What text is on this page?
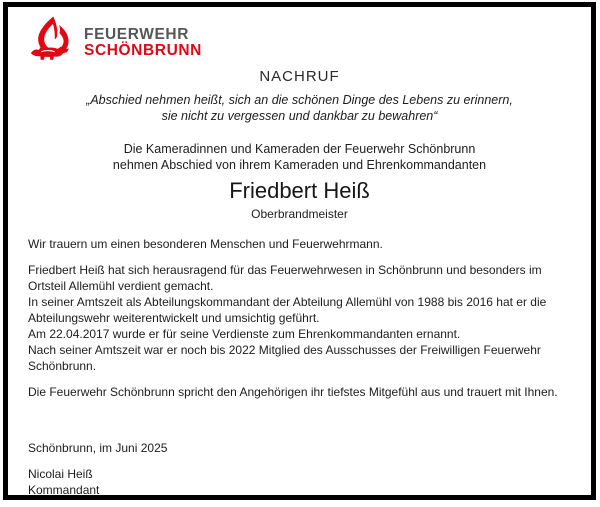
FEUERWEHR
SCHÖNBRUNN
NACHRUF
„Abschied nehmen heißt, sich an die schönen Dinge des Lebens zu erinnern,
sie nicht zu vergessen und dankbar zu bewahren“
Die Kameradinnen und Kameraden der Feuerwehr Schönbrunn
nehmen Abschied von ihrem Kameraden und Ehrenkommandanten
Friedbert Heiß
Oberbrandmeister
Wir trauern um einen besonderen Menschen und Feuerwehrmann.
Friedbert Heiß hat sich herausragend für das Feuerwehrwesen in Schönbrunn und besonders im Ortsteil Allemühl verdient gemacht.
In seiner Amtszeit als Abteilungskommandant der Abteilung Allemühl von 1988 bis 2016 hat er die Abteilungswehr weiterentwickelt und umsichtig geführt.
Am 22.04.2017 wurde er für seine Verdienste zum Ehrenkommandanten ernannt.
Nach seiner Amtszeit war er noch bis 2022 Mitglied des Ausschusses der Freiwilligen Feuerwehr Schönbrunn.
Die Feuerwehr Schönbrunn spricht den Angehörigen ihr tiefstes Mitgefühl aus und trauert mit Ihnen.
Schönbrunn, im Juni 2025
Nicolai Heiß
Kommandant
